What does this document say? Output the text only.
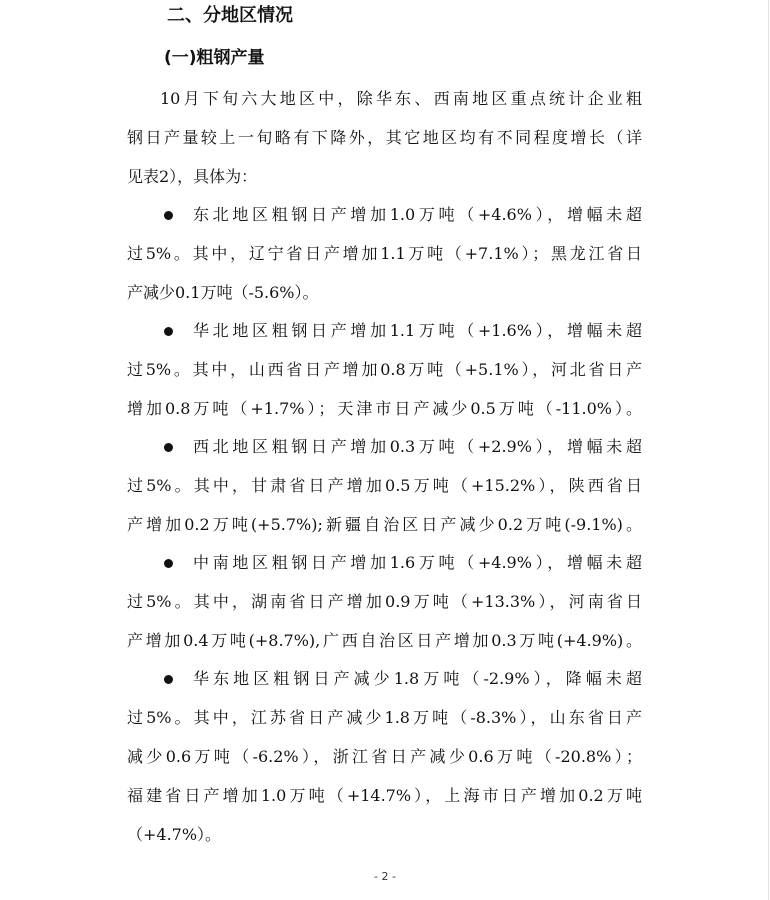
二、分地区情况
(一)粗钢产量
10月下旬六大地区中，除华东、西南地区重点统计企业粗
钢日产量较上一旬略有下降外，其它地区均有不同程度增长（详
见表2），具体为：
东北地区粗钢日产增加1.0万吨（+4.6%），增幅未超
过5%。其中，辽宁省日产增加1.1万吨（+7.1%）；黑龙江省日
产减少0.1万吨（-5.6%）。
华北地区粗钢日产增加1.1万吨（+1.6%），增幅未超
过5%。其中，山西省日产增加0.8万吨（+5.1%），河北省日产
增加0.8万吨（+1.7%）；天津市日产减少0.5万吨（-11.0%）。
西北地区粗钢日产增加0.3万吨（+2.9%），增幅未超
过5%。其中，甘肃省日产增加0.5万吨（+15.2%），陕西省日
产增加0.2万吨(+5.7%);新疆自治区日产减少0.2万吨(-9.1%)。
中南地区粗钢日产增加1.6万吨（+4.9%），增幅未超
过5%。其中，湖南省日产增加0.9万吨（+13.3%），河南省日
产增加0.4万吨(+8.7%),广西自治区日产增加0.3万吨(+4.9%)。
华东地区粗钢日产减少1.8万吨（-2.9%），降幅未超
过5%。其中，江苏省日产减少1.8万吨（-8.3%），山东省日产
减少0.6万吨（-6.2%），浙江省日产减少0.6万吨（-20.8%）；
福建省日产增加1.0万吨（+14.7%），上海市日产增加0.2万吨
（+4.7%）。
- 2 -
